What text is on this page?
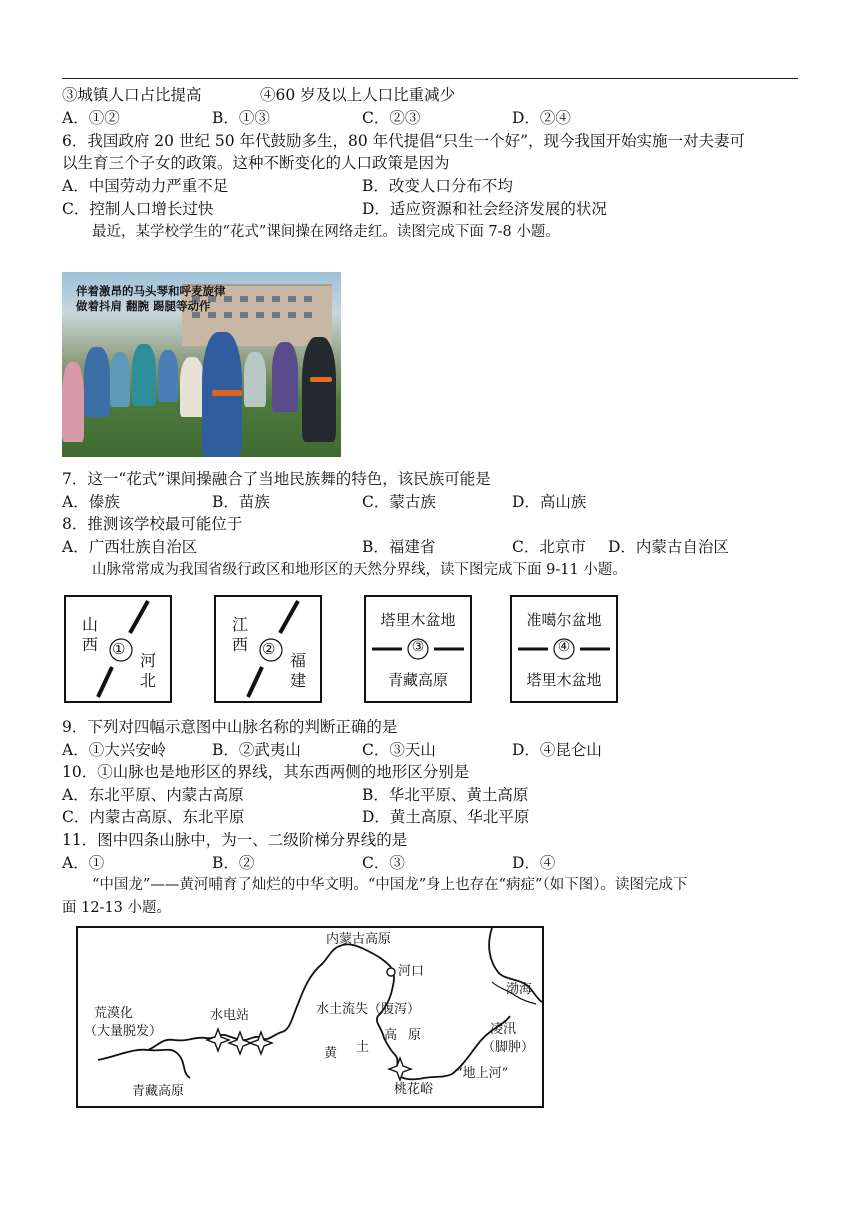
③城镇人口占比提高	④60 岁及以上人口比重减少
A．①②	B．①③	C．②③	D．②④
6．我国政府 20 世纪 50 年代鼓励多生，80 年代提倡“只生一个好”，现今我国开始实施一对夫妻可
以生育三个子女的政策。这种不断变化的人口政策是因为
A．中国劳动力严重不足	B．改变人口分布不均
C．控制人口增长过快	D．适应资源和社会经济发展的状况
最近，某学校学生的“花式”课间操在网络走红。读图完成下面 7-8 小题。
伴着激昂的马头琴和呼麦旋律
做着抖肩 翻腕 踢腿等动作
7．这一“花式”课间操融合了当地民族舞的特色，该民族可能是
A．傣族	B．苗族	C．蒙古族	D．高山族
8．推测该学校最可能位于
A．广西壮族自治区	B．福建省	C．北京市 D．内蒙古自治区
山脉常常成为我国省级行政区和地形区的天然分界线，读下图完成下面 9-11 小题。
山西 ①
河北
江西 ②
福建
塔里木盆地
③
青藏高原
准噶尔盆地
④
塔里木盆地
9．下列对四幅示意图中山脉名称的判断正确的是
A．①大兴安岭	B．②武夷山	C．③天山	D．④昆仑山
10．①山脉也是地形区的界线，其东西两侧的地形区分别是
A．东北平原、内蒙古高原	B．华北平原、黄土高原
C．内蒙古高原、东北平原	D．黄土高原、华北平原
11．图中四条山脉中，为一、二级阶梯分界线的是
A．①	B．②	C．③	D．④
“中国龙”——黄河哺育了灿烂的中华文明。“中国龙”身上也存在“病症”（如下图）。读图完成下
面 12-13 小题。
内蒙古高原
河口
渤海
荒漠化
（大量脱发）
水电站	水土流失（腹泻）
黄 土
高 原	凌汛
（脚肿）
桃花峪
“地上河”
青藏高原
